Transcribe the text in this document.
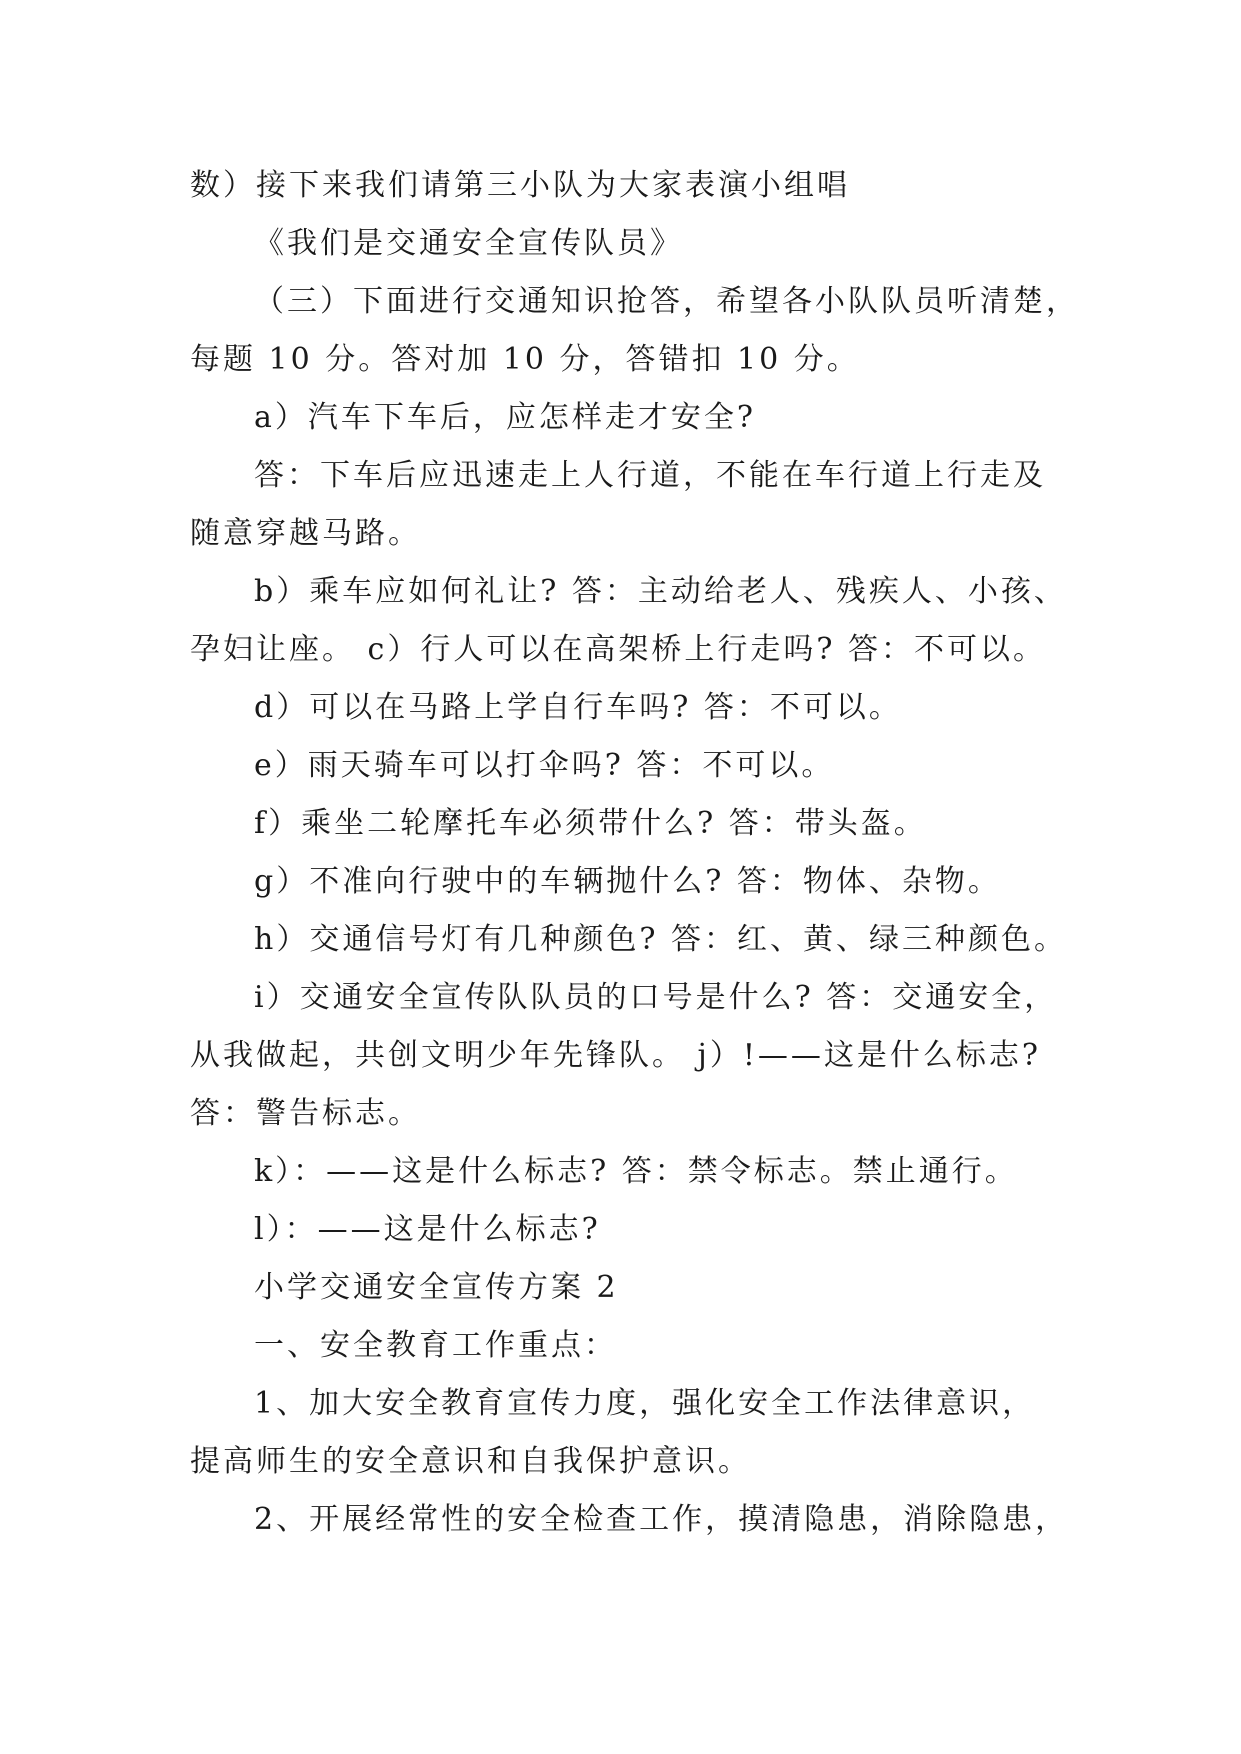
数）接下来我们请第三小队为大家表演小组唱
《我们是交通安全宣传队员》
（三）下面进行交通知识抢答，希望各小队队员听清楚，
每题 10 分。答对加 10 分，答错扣 10 分。
a）汽车下车后，应怎样走才安全?
答：下车后应迅速走上人行道，不能在车行道上行走及
随意穿越马路。
b）乘车应如何礼让? 答：主动给老人、残疾人、小孩、
孕妇让座。 c）行人可以在高架桥上行走吗? 答：不可以。
d）可以在马路上学自行车吗? 答：不可以。
e）雨天骑车可以打伞吗? 答：不可以。
f）乘坐二轮摩托车必须带什么? 答：带头盔。
g）不准向行驶中的车辆抛什么? 答：物体、杂物。
h）交通信号灯有几种颜色? 答：红、黄、绿三种颜色。
i）交通安全宣传队队员的口号是什么? 答：交通安全，
从我做起，共创文明少年先锋队。 j）!——这是什么标志?
答：警告标志。
k）：——这是什么标志? 答：禁令标志。禁止通行。
l）：——这是什么标志?
小学交通安全宣传方案 2
一、安全教育工作重点：
1、加大安全教育宣传力度，强化安全工作法律意识，
提高师生的安全意识和自我保护意识。
2、开展经常性的安全检查工作，摸清隐患，消除隐患，
